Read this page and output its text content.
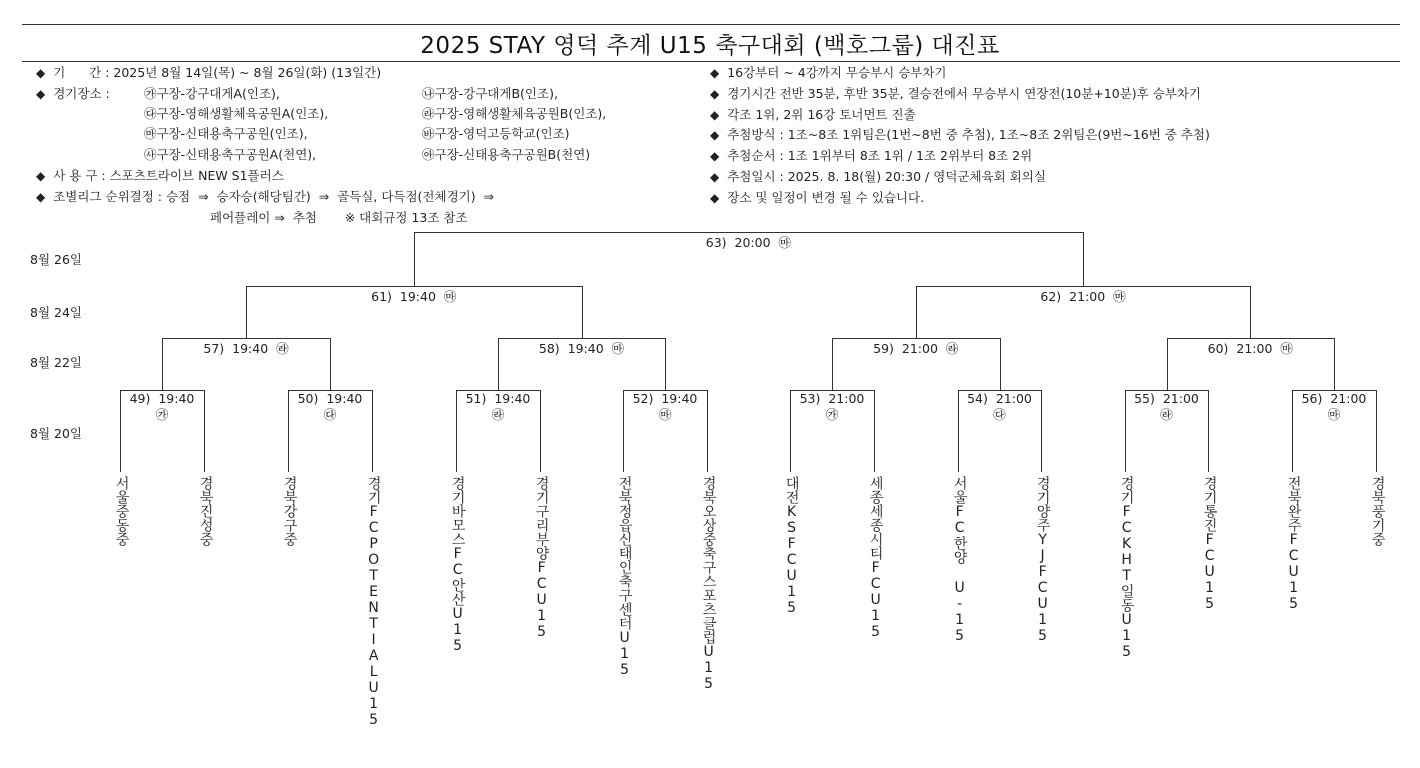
2025 STAY 영덕 추계 U15 축구대회 (백호그룹) 대진표
◆ 기      간 : 2025년 8월 14일(목) ~ 8월 26일(화) (13일간)
◆ 경기장소 : ㉮구장-강구대게A(인조),	㉯구장-강구대게B(인조),
㉰구장-영해생활체육공원A(인조),	㉱구장-영해생활체육공원B(인조),
㉲구장-신태용축구공원(인조),	㉳구장-영덕고등학교(인조)
㉴구장-신태용축구공원A(천연),	㉵구장-신태용축구공원B(천연)
◆ 사 용 구 : 스포츠트라이브 NEW S1플러스
◆ 조별리그 순위결정 : 승점  ⇒  승자승(해당팀간)  ⇒  골득실, 다득점(전체경기)  ⇒
페어플레이 ⇒  추첨       ※ 대회규정 13조 참조
◆ 16강부터 ~ 4강까지 무승부시 승부차기
◆ 경기시간 전반 35분, 후반 35분, 결승전에서 무승부시 연장전(10분+10분)후 승부차기
◆ 각조 1위, 2위 16강 토너먼트 진출
◆ 추첨방식 : 1조~8조 1위팀은(1번~8번 중 추첨), 1조~8조 2위팀은(9번~16번 중 추첨)
◆ 추첨순서 : 1조 1위부터 8조 1위 / 1조 2위부터 8조 2위
◆ 추첨일시 : 2025. 8. 18(월) 20:30 / 영덕군체육회 회의실
◆ 장소 및 일정이 변경 될 수 있습니다.
8월 26일
8월 24일
8월 22일
8월 20일
49)  19:40
㉮
50)  19:40
㉰
51)  19:40
㉱
52)  19:40
㉲
53)  21:00
㉮
54)  21:00
㉰
55)  21:00
㉱
56)  21:00
㉲
57)  19:40  ㉱	58)  19:40  ㉲	59)  21:00  ㉱	60)  21:00  ㉲
61)  19:40  ㉲	62)  21:00  ㉲
63)  20:00  ㉲
서울중동중	경북진성중	경북강구중	경기FCPOTENTIALU15	경기바모스FC안산U15	경기구리부양FCU15	전북정읍신태인축구센터U15	경북오상중축구스포츠클럽U15	대전KSFCU15	세종세종시티FCU15	서울FC한양 U-15	경기양주YJFCU15	경기FCKHT일동U15	경기통진FCU15	전북완주FCU15	경북풍기중
